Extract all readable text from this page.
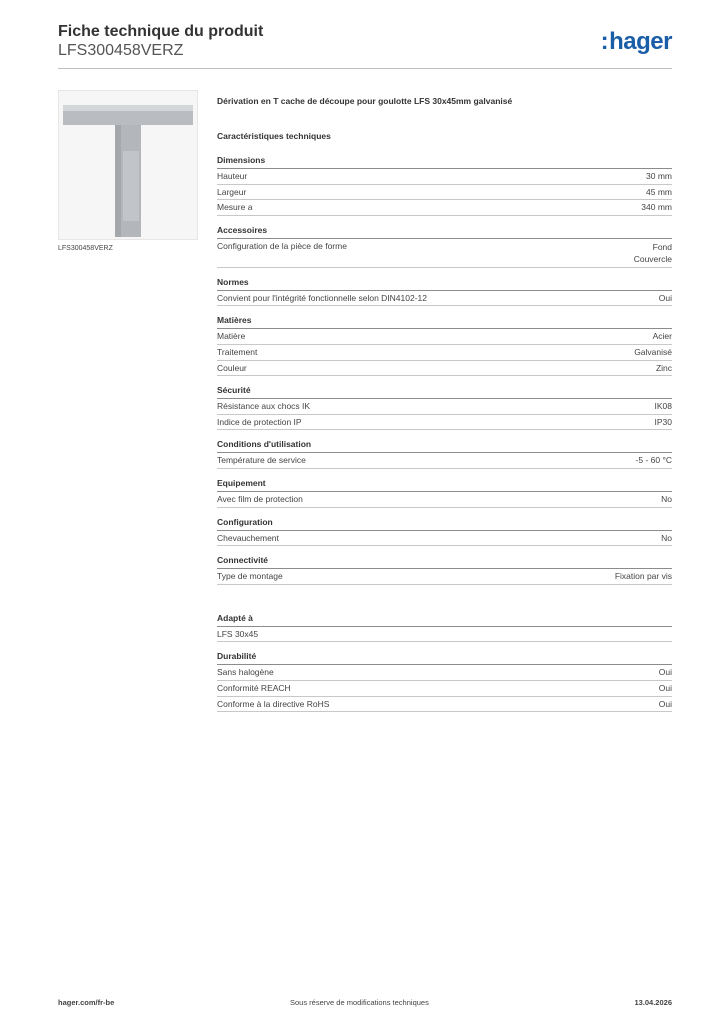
Fiche technique du produit
LFS300458VERZ	:hager
LFS300458VERZ
Dérivation en T cache de découpe pour goulotte LFS 30x45mm galvanisé
Caractéristiques techniques
Dimensions
Hauteur	30 mm
Largeur	45 mm
Mesure a	340 mm
Accessoires
Configuration de la pièce de forme	Fond
Couvercle
Normes
Convient pour l'intégrité fonctionnelle selon DIN4102-12	Oui
Matières
Matière	Acier
Traitement	Galvanisé
Couleur	Zinc
Sécurité
Résistance aux chocs IK	IK08
Indice de protection IP	IP30
Conditions d'utilisation
Température de service	-5 - 60 °C
Equipement
Avec film de protection	No
Configuration
Chevauchement	No
Connectivité
Type de montage	Fixation par vis
Adapté à
LFS 30x45
Durabilité
Sans halogène	Oui
Conformité REACH	Oui
Conforme à la directive RoHS	Oui
hager.com/fr-be	Sous réserve de modifications techniques	13.04.2026
